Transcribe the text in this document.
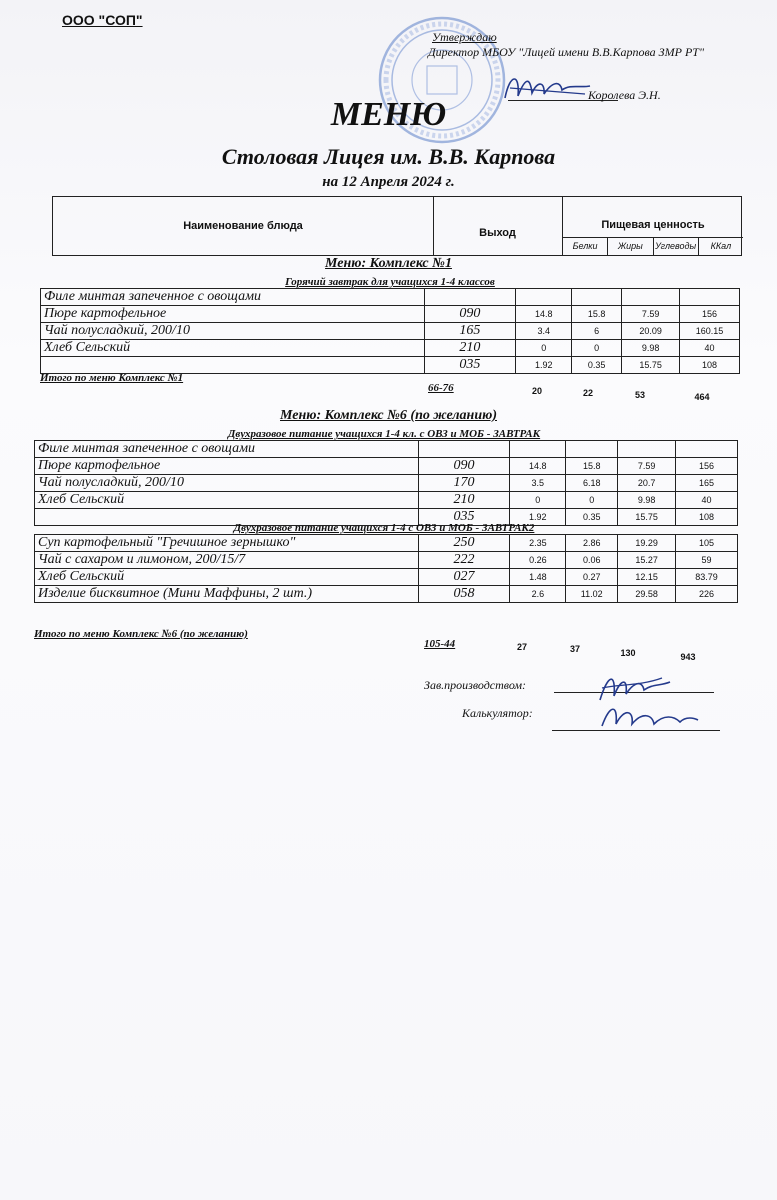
ООО "СОП"
Утверждаю
Директор МБОУ "Лицей имени В.В.Карпова ЗМР РТ"
Королева Э.Н.
МЕНЮ
Столовая Лицея им. В.В. Карпова
на 12 Апреля 2024 г.
Наименование блюда
Выход
Пищевая ценность
Белки	Жиры	Углеводы	ККал
Меню: Комплекс №1
Горячий завтрак для учащихся 1-4 классов
Филе минтая запеченное с овощами					
Пюре картофельное	090	14.8	15.8	7.59	156
Чай полусладкий, 200/10	165	3.4	6	20.09	160.15
Хлеб Сельский	210	0	0	9.98	40
	035	1.92	0.35	15.75	108
Итого по меню Комплекс №1
66-76	20	22	53	464
Меню: Комплекс №6 (по желанию)
Двухразовое питание учащихся 1-4 кл. с ОВЗ и МОБ - ЗАВТРАК
Филе минтая запеченное с овощами					
Пюре картофельное	090	14.8	15.8	7.59	156
Чай полусладкий, 200/10	170	3.5	6.18	20.7	165
Хлеб Сельский	210	0	0	9.98	40
	035	1.92	0.35	15.75	108
Двухразовое питание учащихся 1-4 с ОВЗ и МОБ - ЗАВТРАК2
Суп картофельный "Гречишное зернышко"	250	2.35	2.86	19.29	105
Чай с сахаром и лимоном, 200/15/7	222	0.26	0.06	15.27	59
Хлеб Сельский	027	1.48	0.27	12.15	83.79
Изделие бисквитное (Мини Маффины, 2 шт.)	058	2.6	11.02	29.58	226
Итого по меню Комплекс №6 (по желанию)
105-44	27	37	130	943
Зав.производством:
Калькулятор:
